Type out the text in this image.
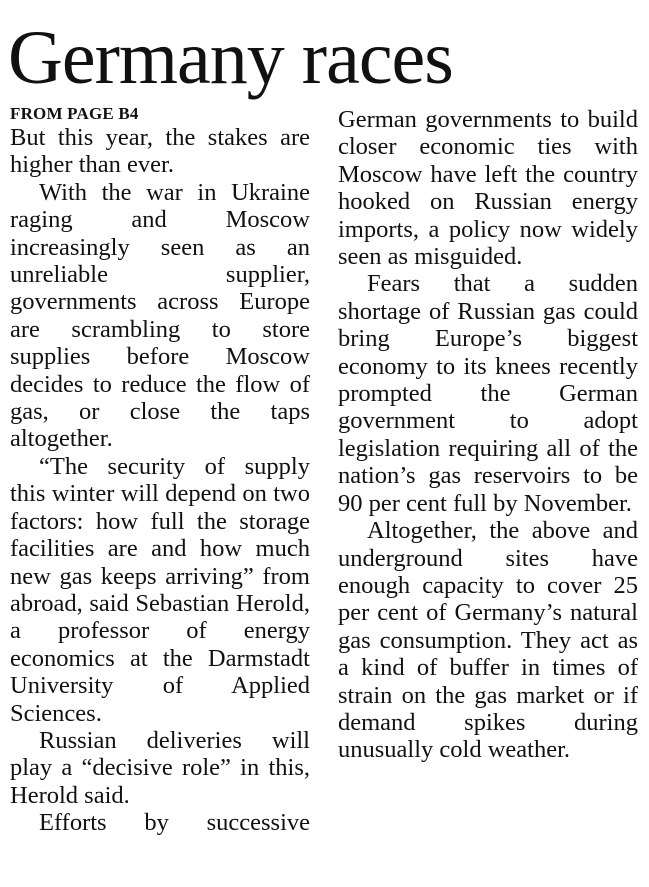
Germany races
FROM PAGE B4

But this year, the stakes are higher than ever.

With the war in Ukraine raging and Moscow increasingly seen as an unreliable supplier, governments across Europe are scrambling to store supplies before Moscow decides to reduce the flow of gas, or close the taps altogether.

“The security of supply this winter will depend on two factors: how full the storage facilities are and how much new gas keeps arriving” from abroad, said Sebastian Herold, a professor of energy economics at the Darmstadt University of Applied Sciences.

Russian deliveries will play a “decisive role” in this, Herold said.

Efforts by successive

German governments to build closer economic ties with Moscow have left the country hooked on Russian energy imports, a policy now widely seen as misguided.

Fears that a sudden shortage of Russian gas could bring Europe’s biggest economy to its knees recently prompted the German government to adopt legislation requiring all of the nation’s gas reservoirs to be 90 per cent full by November.

Altogether, the above and underground sites have enough capacity to cover 25 per cent of Germany’s natural gas consumption. They act as a kind of buffer in times of strain on the gas market or if demand spikes during unusually cold weather.
